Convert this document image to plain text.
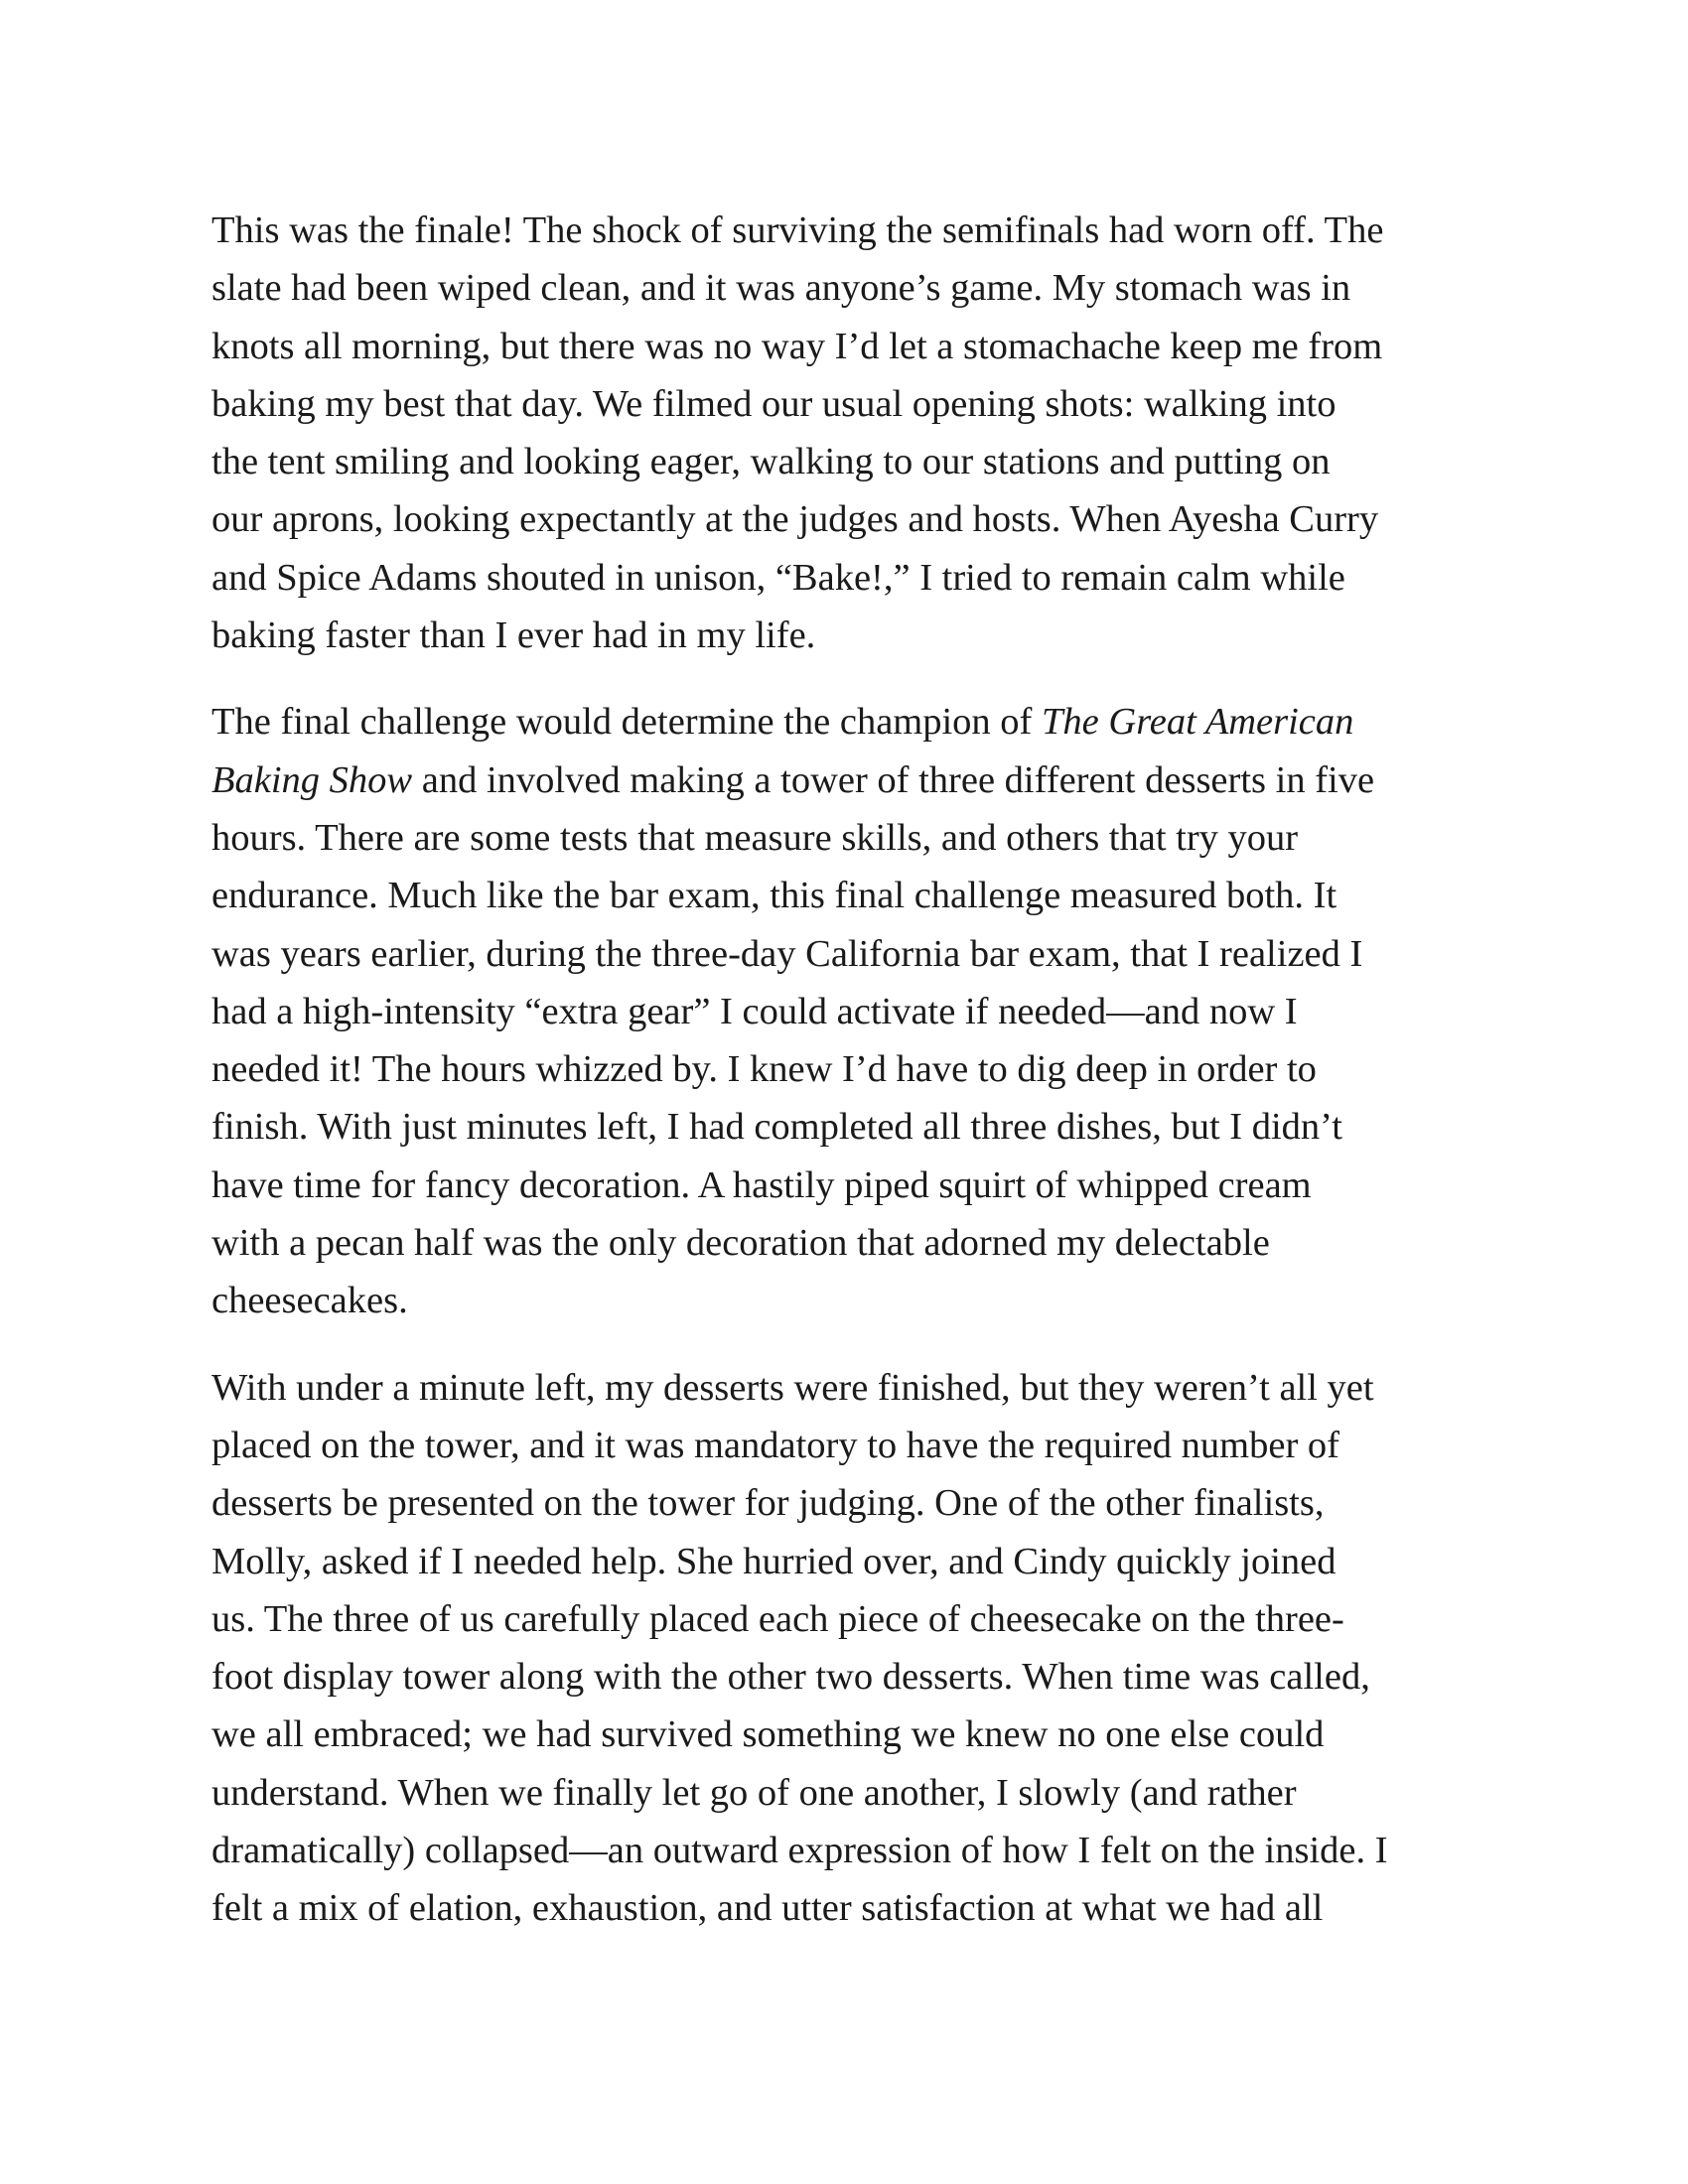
This was the finale! The shock of surviving the semifinals had worn off. The
slate had been wiped clean, and it was anyone’s game. My stomach was in
knots all morning, but there was no way I’d let a stomachache keep me from
baking my best that day. We filmed our usual opening shots: walking into
the tent smiling and looking eager, walking to our stations and putting on
our aprons, looking expectantly at the judges and hosts. When Ayesha Curry
and Spice Adams shouted in unison, “Bake!,” I tried to remain calm while
baking faster than I ever had in my life.

The final challenge would determine the champion of The Great American
Baking Show and involved making a tower of three different desserts in five
hours. There are some tests that measure skills, and others that try your
endurance. Much like the bar exam, this final challenge measured both. It
was years earlier, during the three-day California bar exam, that I realized I
had a high-intensity “extra gear” I could activate if needed—and now I
needed it! The hours whizzed by. I knew I’d have to dig deep in order to
finish. With just minutes left, I had completed all three dishes, but I didn’t
have time for fancy decoration. A hastily piped squirt of whipped cream
with a pecan half was the only decoration that adorned my delectable
cheesecakes.

With under a minute left, my desserts were finished, but they weren’t all yet
placed on the tower, and it was mandatory to have the required number of
desserts be presented on the tower for judging. One of the other finalists,
Molly, asked if I needed help. She hurried over, and Cindy quickly joined
us. The three of us carefully placed each piece of cheesecake on the three-
foot display tower along with the other two desserts. When time was called,
we all embraced; we had survived something we knew no one else could
understand. When we finally let go of one another, I slowly (and rather
dramatically) collapsed—an outward expression of how I felt on the inside. I
felt a mix of elation, exhaustion, and utter satisfaction at what we had all
